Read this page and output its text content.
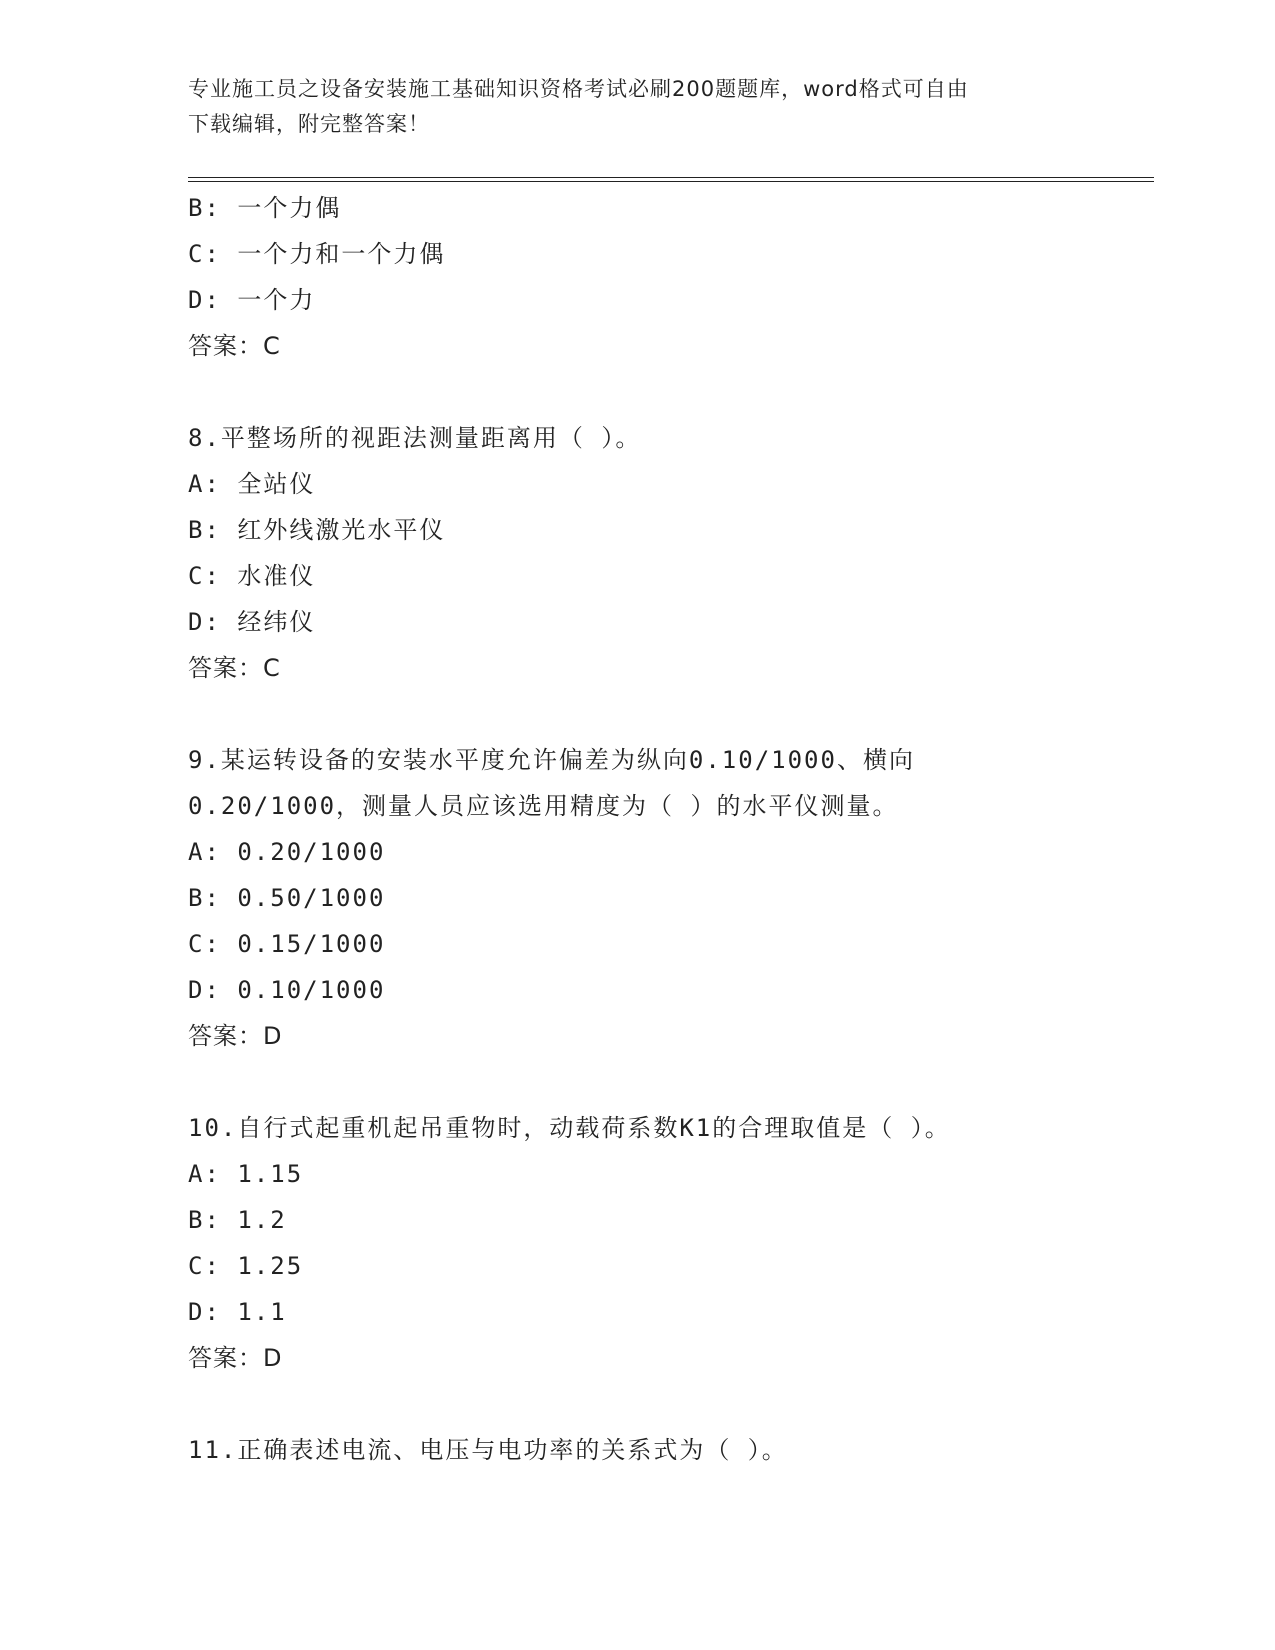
专业施工员之设备安装施工基础知识资格考试必刷200题题库，word格式可自由
下载编辑，附完整答案！
B: 一个力偶
C: 一个力和一个力偶
D: 一个力
答案：C
8.平整场所的视距法测量距离用（ ）。
A: 全站仪
B: 红外线激光水平仪
C: 水准仪
D: 经纬仪
答案：C
9.某运转设备的安装水平度允许偏差为纵向0.10/1000、横向
0.20/1000，测量人员应该选用精度为（ ）的水平仪测量。
A: 0.20/1000
B: 0.50/1000
C: 0.15/1000
D: 0.10/1000
答案：D
10.自行式起重机起吊重物时，动载荷系数K1的合理取值是（ ）。
A: 1.15
B: 1.2
C: 1.25
D: 1.1
答案：D
11.正确表述电流、电压与电功率的关系式为（ ）。
